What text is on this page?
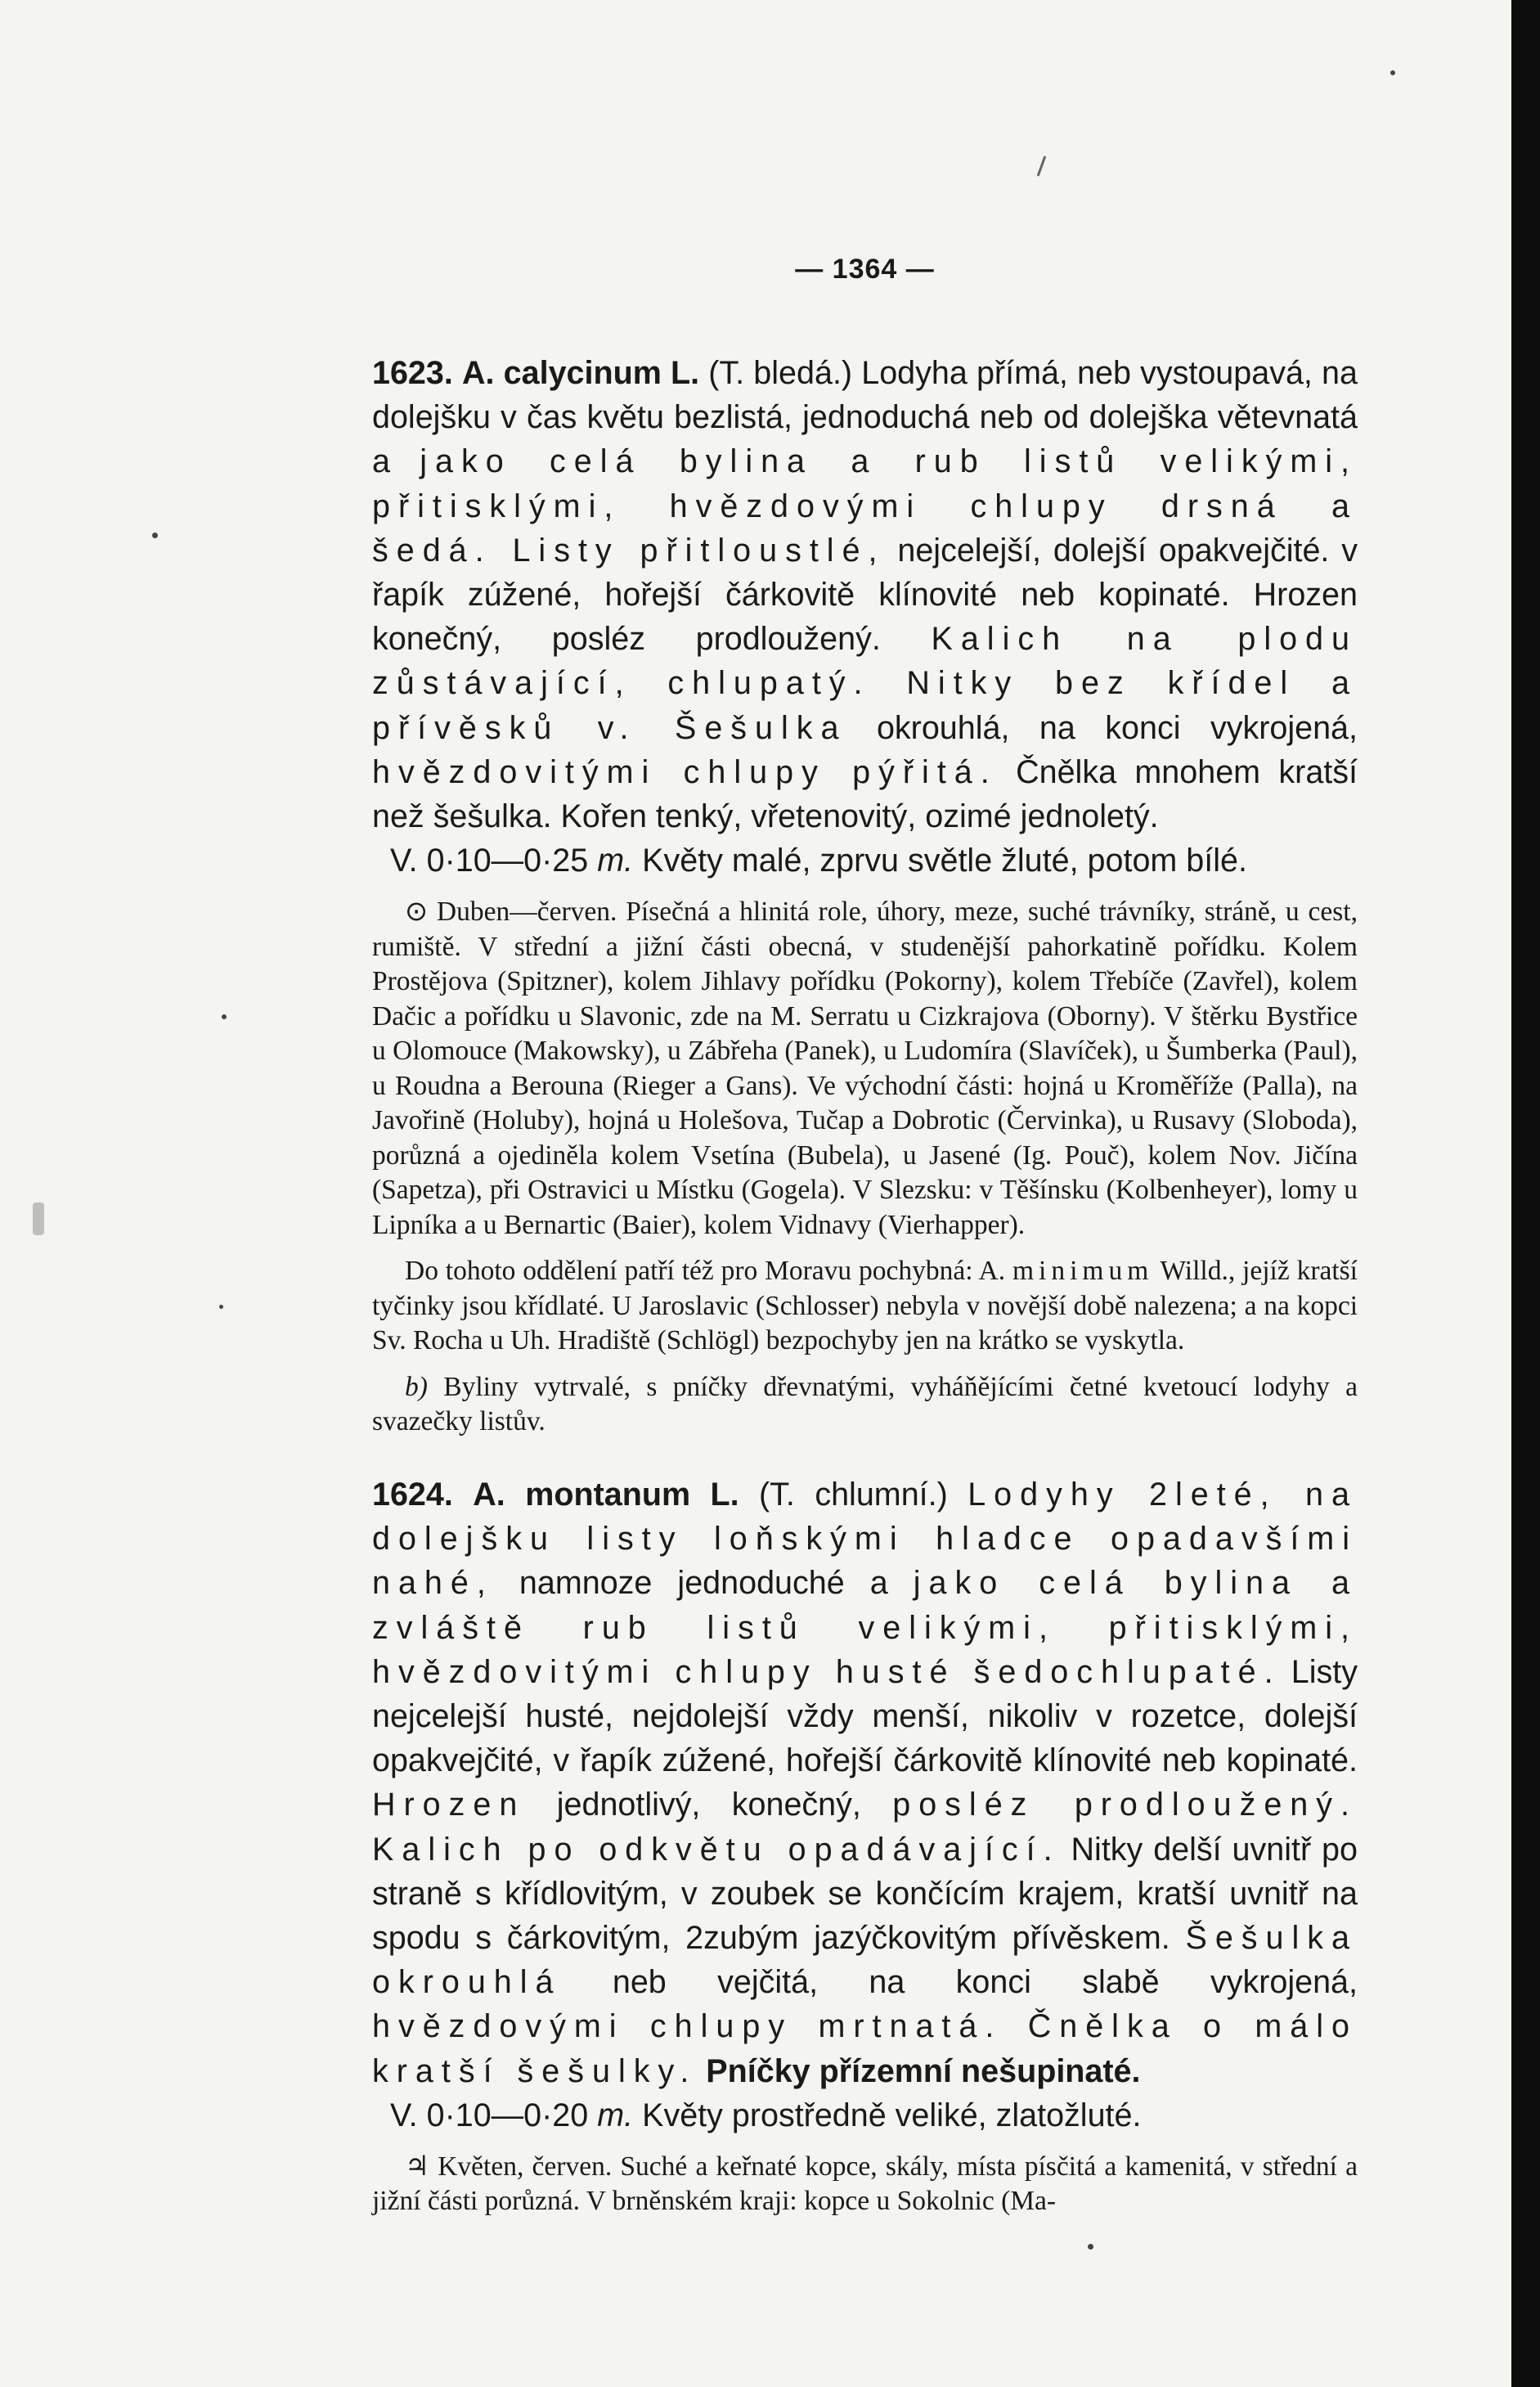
— 1364 —

1623. A. calycinum L. (T. bledá.) Lodyha přímá, neb vystoupavá, na dolejšku v čas květu bezlistá, jednoduchá neb od dolejška větevnatá a jako celá bylina a rub listů velikými, přitisklými, hvězdovými chlupy drsná a šedá. Listy přitloustlé, nejcelejší, dolejší opakvejčité. v řapík zúžené, hořejší čárkovitě klínovité neb kopinaté. Hrozen konečný, posléz prodloužený. Kalich na plodu zůstávající, chlupatý. Nitky bez křídel a přívěsků v. Šešulka okrouhlá, na konci vykrojená, hvězdovitými chlupy pýřitá. Čnělka mnohem kratší než šešulka. Kořen tenký, vřetenovitý, ozimé jednoletý.

V. 0·10—0·25 m. Květy malé, zprvu světle žluté, potom bílé.

⊙ Duben—červen. Písečná a hlinitá role, úhory, meze, suché trávníky, stráně, u cest, rumiště. V střední a jižní části obecná, v studenější pahorkatině pořídku. Kolem Prostějova (Spitzner), kolem Jihlavy pořídku (Pokorny), kolem Třebíče (Zavřel), kolem Dačic a pořídku u Slavonic, zde na M. Serratu u Cizkrajova (Oborny). V štěrku Bystřice u Olomouce (Makowsky), u Zábřeha (Panek), u Ludomíra (Slavíček), u Šumberka (Paul), u Roudna a Berouna (Rieger a Gans). Ve východní části: hojná u Kroměříže (Palla), na Javořině (Holuby), hojná u Holešova, Tučap a Dobrotic (Červinka), u Rusavy (Sloboda), porůzná a ojediněla kolem Vsetína (Bubela), u Jasené (Ig. Pouč), kolem Nov. Jičína (Sapetza), při Ostravici u Místku (Gogela). V Slezsku: v Těšínsku (Kolbenheyer), lomy u Lipníka a u Bernartic (Baier), kolem Vidnavy (Vierhapper).

Do tohoto oddělení patří též pro Moravu pochybná: A. minimum Willd., jejíž kratší tyčinky jsou křídlaté. U Jaroslavic (Schlosser) nebyla v novější době nalezena; a na kopci Sv. Rocha u Uh. Hradiště (Schlögl) bezpochyby jen na krátko se vyskytla.

b) Byliny vytrvalé, s pníčky dřevnatými, vyháňějícími četné kvetoucí lodyhy a svazečky listův.

1624. A. montanum L. (T. chlumní.) Lodyhy 2leté, na dolejšku listy loňskými hladce opadavšími nahé, namnoze jednoduché a jako celá bylina a zvláště rub listů velikými, přitisklými, hvězdovitými chlupy husté šedochlupaté. Listy nejcelejší husté, nejdolejší vždy menší, nikoliv v rozetce, dolejší opakvejčité, v řapík zúžené, hořejší čárkovitě klínovité neb kopinaté. Hrozen jednotlivý, konečný, posléz prodloužený. Kalich po odkvětu opadávající. Nitky delší uvnitř po straně s křídlovitým, v zoubek se končícím krajem, kratší uvnitř na spodu s čárkovitým, 2zubým jazýčkovitým přívěskem. Šešulka okrouhlá neb vejčitá, na konci slabě vykrojená, hvězdovými chlupy mrtnatá. Čnělka o málo kratší šešulky. Pníčky přízemní nešupinaté.

V. 0·10—0·20 m. Květy prostředně veliké, zlatožluté.

♃ Květen, červen. Suché a keřnaté kopce, skály, místa písčitá a kamenitá, v střední a jižní části porůzná. V brněnském kraji: kopce u Sokolnic (Ma-
